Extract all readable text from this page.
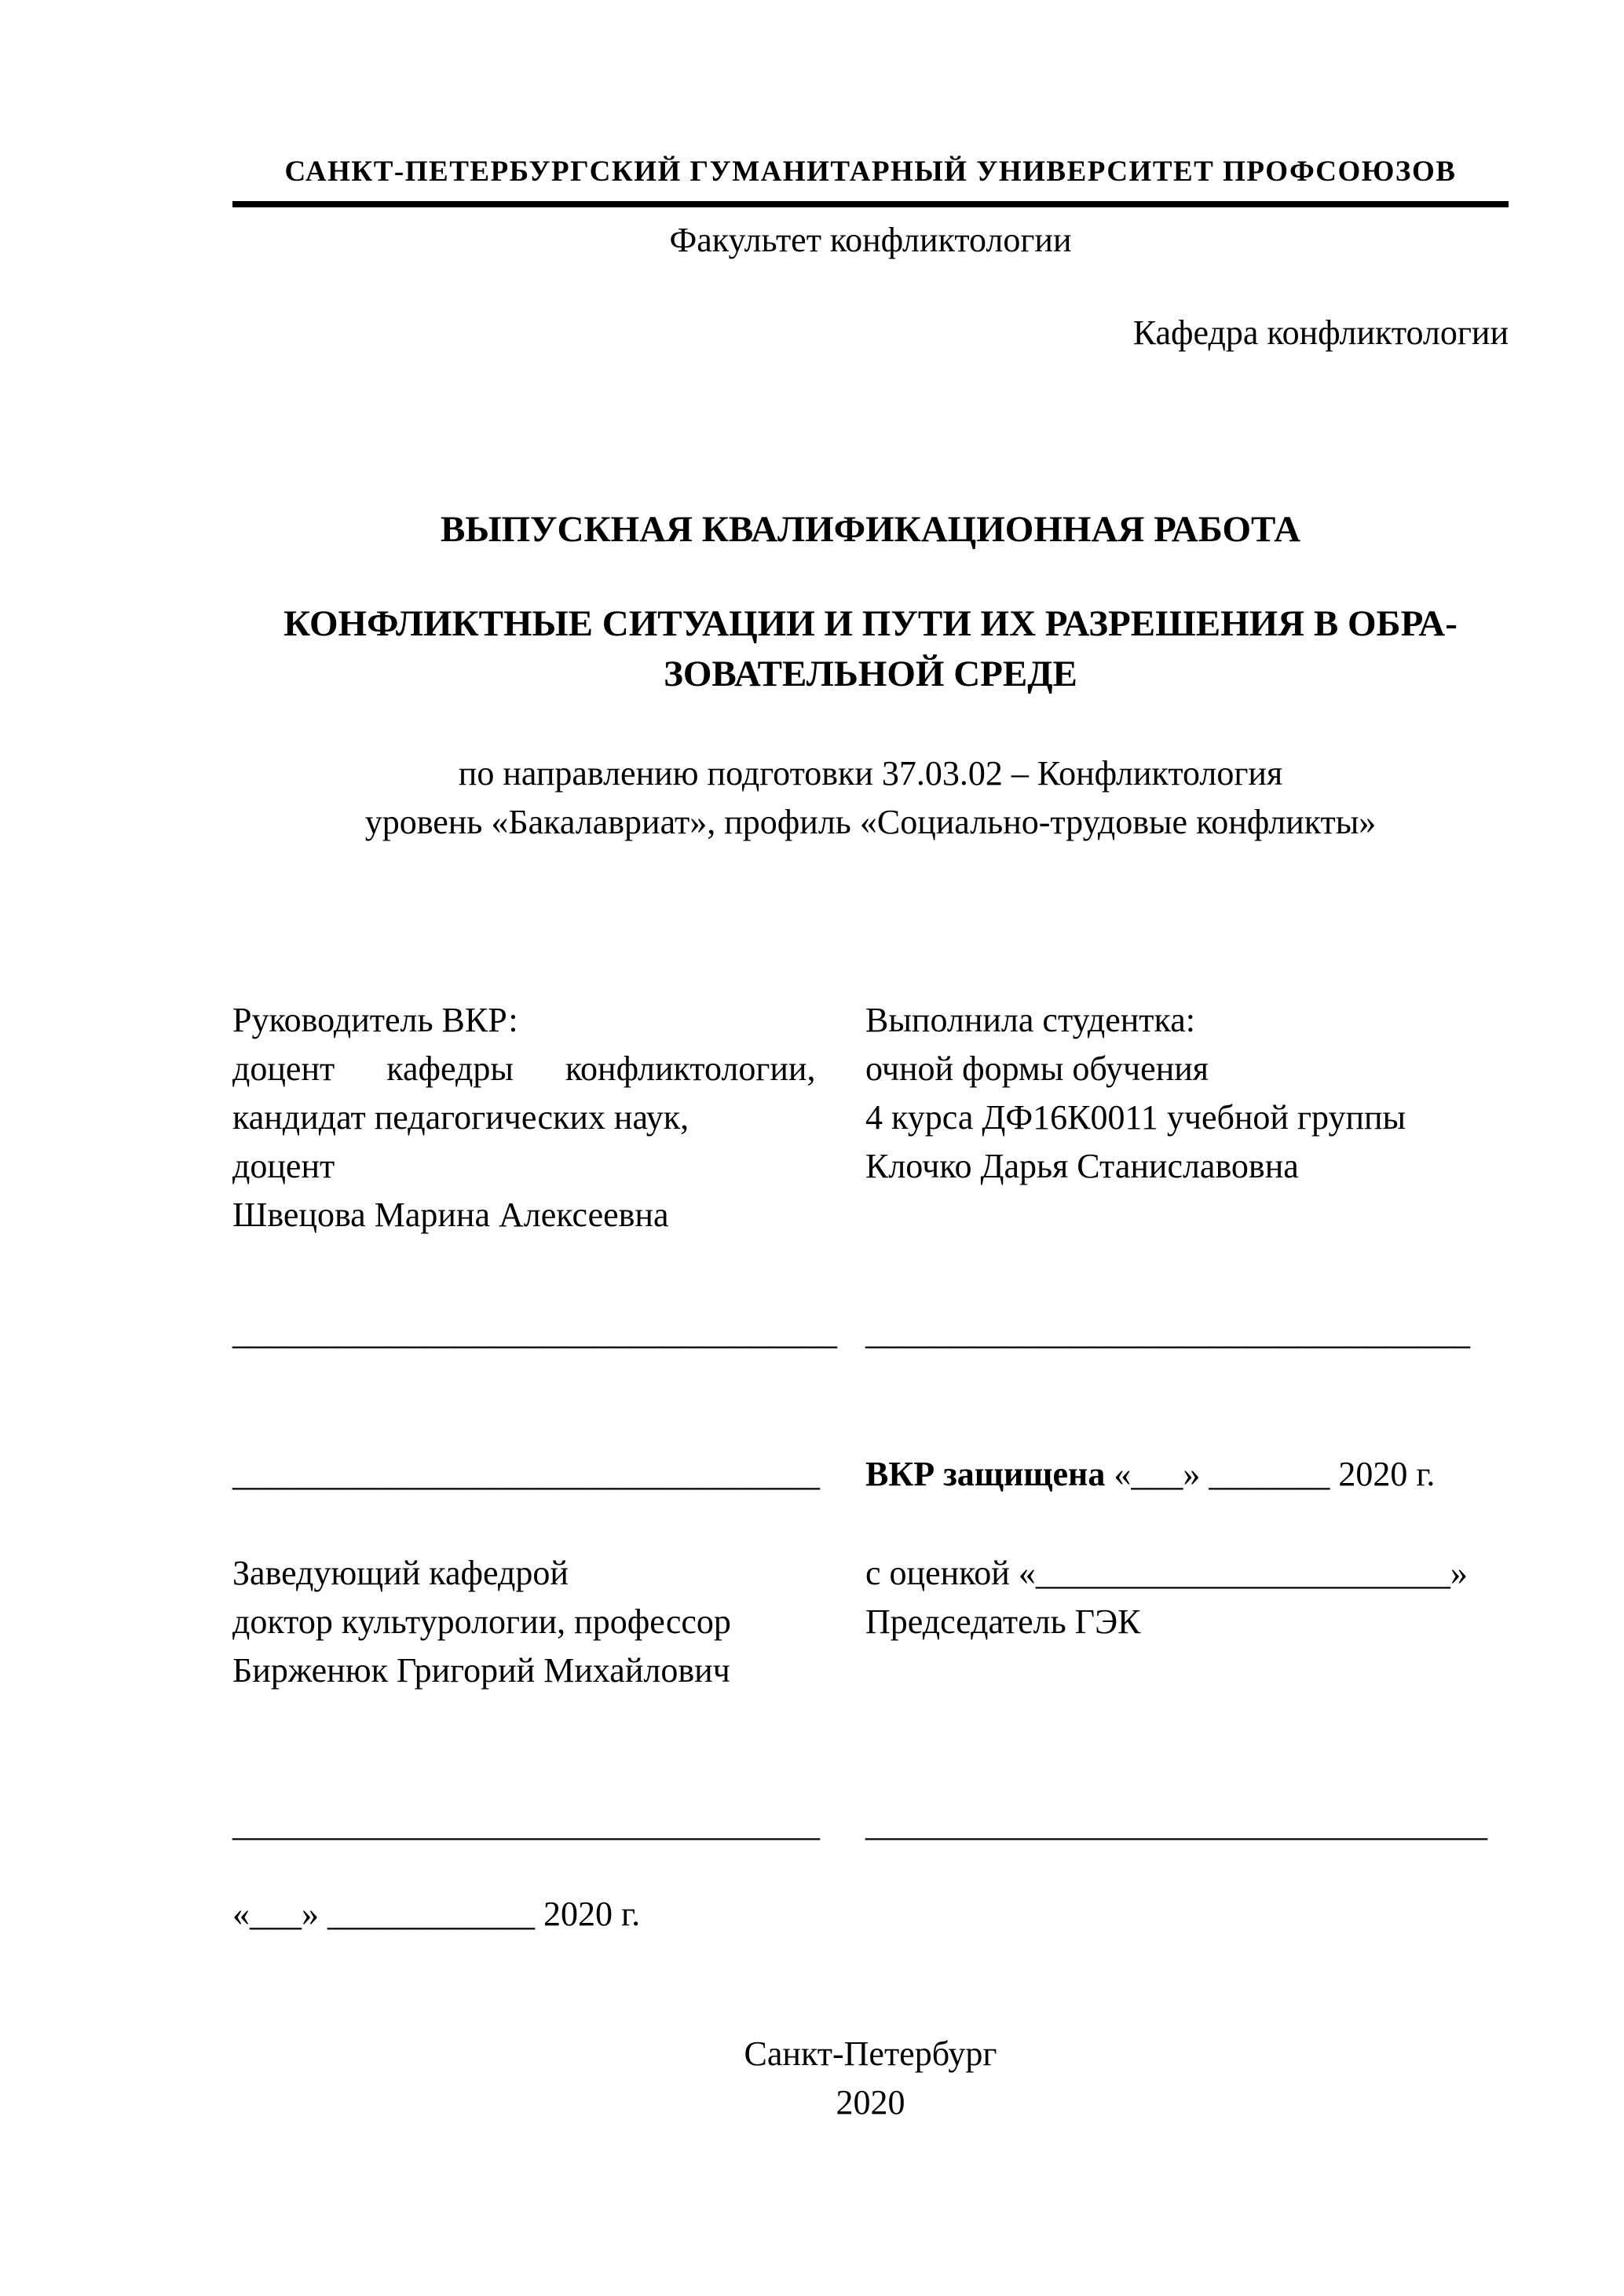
САНКТ-ПЕТЕРБУРГСКИЙ ГУМАНИТАРНЫЙ УНИВЕРСИТЕТ ПРОФСОЮЗОВ
Факультет конфликтологии
Кафедра конфликтологии
ВЫПУСКНАЯ КВАЛИФИКАЦИОННАЯ РАБОТА
КОНФЛИКТНЫЕ СИТУАЦИИ И ПУТИ ИХ РАЗРЕШЕНИЯ В ОБРА-
ЗОВАТЕЛЬНОЙ СРЕДЕ
по направлению подготовки 37.03.02 – Конфликтология
уровень «Бакалавриат», профиль «Социально-трудовые конфликты»
Руководитель ВКР:
доцент кафедры конфликтологии,
кандидат педагогических наук,
доцент
Швецова Марина Алексеевна
Выполнила студентка:
очной формы обучения
4 курса ДФ16К0011 учебной группы
Клочко Дарья Станиславовна
___________________________________ ___________________________________
__________________________________	ВКР защищена «___» _______ 2020 г.
Заведующий кафедрой
доктор культурологии, профессор
Бирженюк Григорий Михайлович
с оценкой «________________________»
Председатель ГЭК
__________________________________	____________________________________
«___» ____________ 2020 г.
Санкт-Петербург
2020
